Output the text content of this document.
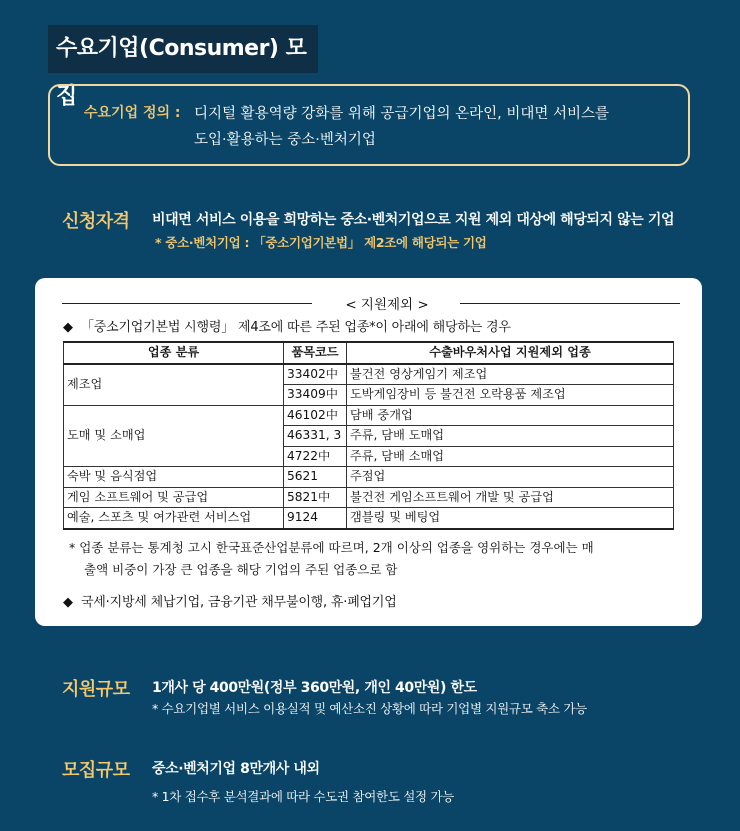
수요기업(Consumer) 모집
수요기업 정의 : 디지털 활용역량 강화를 위해 공급기업의 온라인, 비대면 서비스를
도입·활용하는 중소·벤처기업
신청자격 비대면 서비스 이용을 희망하는 중소·벤처기업으로 지원 제외 대상에 해당되지 않는 기업
* 중소·벤처기업 : 「중소기업기본법」 제2조에 해당되는 기업
< 지원제외 >
◆ 「중소기업기본법 시행령」 제4조에 따른 주된 업종*이 아래에 해당하는 경우
업종 분류	품목코드	수출바우처사업 지원제외 업종
제조업	33402中	불건전 영상게임기 제조업
	33409中	도박게임장비 등 불건전 오락용품 제조업
도매 및 소매업	46102中	담배 중개업
	46331, 3	주류, 담배 도매업
	4722中	주류, 담배 소매업
숙박 및 음식점업	5621	주점업
게임 소프트웨어 및 공급업	5821中	불건전 게임소프트웨어 개발 및 공급업
예술, 스포츠 및 여가관련 서비스업	9124	갬블링 및 베팅업
* 업종 분류는 통계청 고시 한국표준산업분류에 따르며, 2개 이상의 업종을 영위하는 경우에는 매
출액 비중이 가장 큰 업종을 해당 기업의 주된 업종으로 함
◆ 국세·지방세 체납기업, 금융기관 채무불이행, 휴·폐업기업
지원규모 1개사 당 400만원(정부 360만원, 개인 40만원) 한도
* 수요기업별 서비스 이용실적 및 예산소진 상황에 따라 기업별 지원규모 축소 가능
모집규모 중소·벤처기업 8만개사 내외
* 1차 접수후 분석결과에 따라 수도권 참여한도 설정 가능
